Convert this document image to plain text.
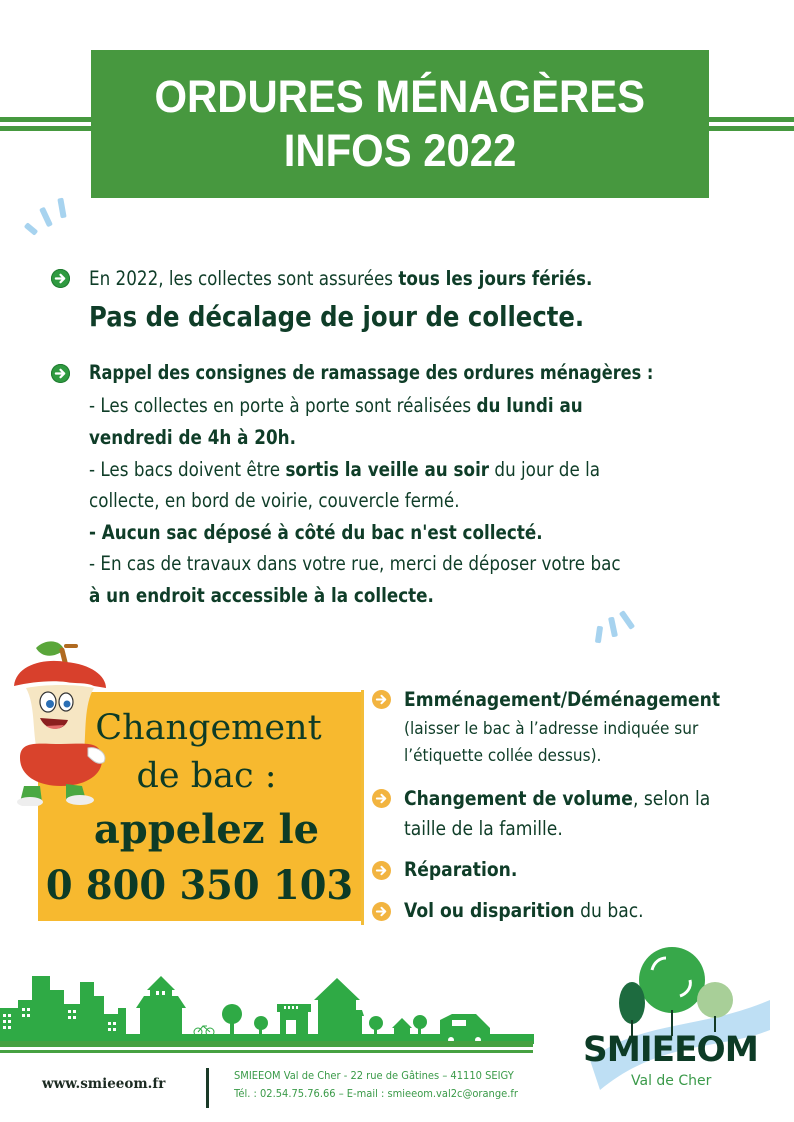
ORDURES MÉNAGÈRES
INFOS 2022
En 2022, les collectes sont assurées tous les jours fériés.
Pas de décalage de jour de collecte.
Rappel des consignes de ramassage des ordures ménagères :
- Les collectes en porte à porte sont réalisées du lundi au
vendredi de 4h à 20h.
- Les bacs doivent être sortis la veille au soir du jour de la
collecte, en bord de voirie, couvercle fermé.
- Aucun sac déposé à côté du bac n'est collecté.
- En cas de travaux dans votre rue, merci de déposer votre bac
à un endroit accessible à la collecte.
Changement
de bac :
appelez le
0 800 350 103
Emménagement/Déménagement
(laisser le bac à l’adresse indiquée sur
l’étiquette collée dessus).
Changement de volume, selon la
taille de la famille.
Réparation.
Vol ou disparition du bac.
SMIEEOM
Val de Cher
www.smieeom.fr
SMIEEOM Val de Cher - 22 rue de Gâtines – 41110 SEIGY
Tél. : 02.54.75.76.66 – E-mail : smieeom.val2c@orange.fr
